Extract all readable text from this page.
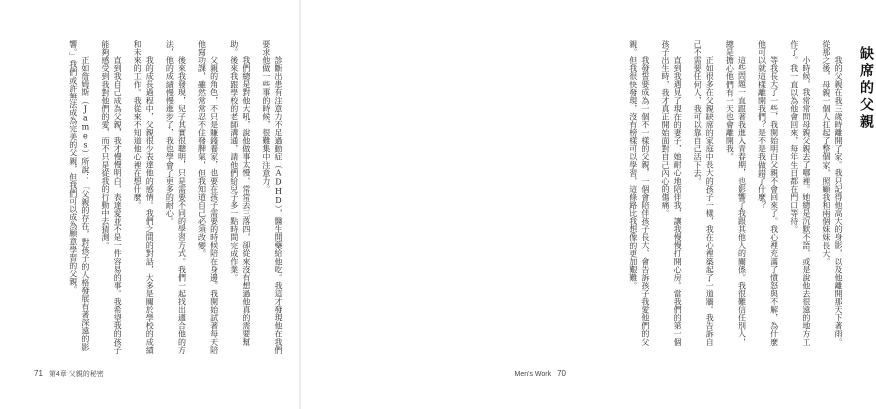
診斷出患有注意力不足過動症（ADHD），醫生開藥給他吃。我這才發現他在我們要求他做一些事的時候，很難集中注意力。

我們總是對他大吼，說他做事太慢、常常丟三落四，卻從來沒有想過他真的需要幫助。後來我跟學校的老師溝通，請他們給兒子多一點時間完成作業。

父親的角色，不只是賺錢養家，也要在孩子需要的時候陪在身邊。我開始試著每天陪他寫功課，雖然常常忍不住發脾氣，但我知道自己必須改變。

後來我發現，兒子其實很聰明，只是需要不同的學習方式。我們一起找出適合他的方法，他的成績慢慢進步了，我也學會了更多的耐心。

我的成長過程中，父親很少表達他的感情。我們之間的對話，大多是關於學校的成績和未來的工作。我從來不知道他心裡在想什麼。

直到我自己成為父親，我才慢慢明白，表達愛並不是一件容易的事。我希望我的孩子能夠感受到我對他們的愛，而不只是從我的行動中去猜測。

正如詹姆斯（James）所說：「父親的存在，對孩子的人格發展有著深遠的影響。」我們或許無法成為完美的父親，但我們可以成為願意學習的父親。

71 第4章 父親的秘密

我的父親在我三歲時離開了家。我只記得他高大的身影，以及他離開那天下著雨。從那之後，母親一個人扛起了整個家，照顧我和兩個妹妹長大。

小時候，我常常問母親父親去了哪裡。她總是沉默不語，或是說他去很遠的地方工作了。我一直以為他會回來，每年生日都在門口等待。

等我長大了一些，我開始明白父親不會回來了。我心裡充滿了憤怒與不解，為什麼他可以就這樣離開我們？是不是我做錯了什麼？

這些問題一直跟著我進入青春期，也影響了我跟其他人的關係。我很難信任別人，總是擔心他們有一天也會離開我。

正如很多在父親缺席的家庭中長大的孩子一樣，我在心裡築起了一道牆。我告訴自己不需要任何人，我可以靠自己活下去。

直到我遇見了現在的妻子，她耐心地陪伴我，讓我慢慢打開心房。當我們的第一個孩子出生時，我才真正開始面對自己內心的傷痛。

我發誓要成為一個不一樣的父親，一個會陪伴孩子長大、會告訴孩子我愛他們的父親。但我很快發現，沒有榜樣可以學習，這條路比我想像的更加艱難。	缺席的父親
Men's Work 70
